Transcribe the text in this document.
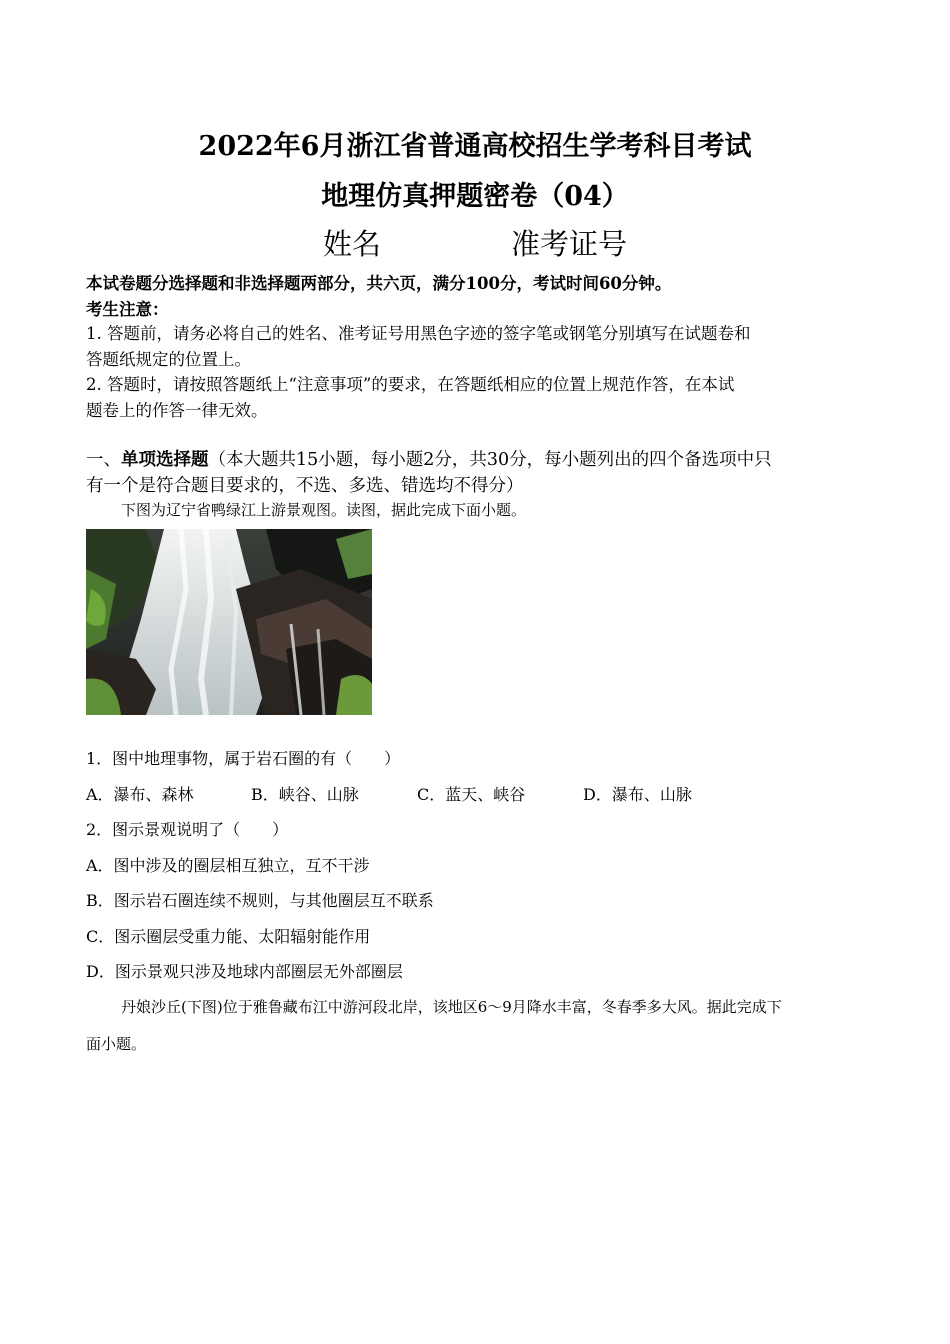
2022年6月浙江省普通高校招生学考科目考试
地理仿真押题密卷（04）
姓名	准考证号
本试卷题分选择题和非选择题两部分，共六页，满分100分，考试时间60分钟。
考生注意：
1. 答题前，请务必将自己的姓名、准考证号用黑色字迹的签字笔或钢笔分别填写在试题卷和
答题纸规定的位置上。
2. 答题时，请按照答题纸上“注意事项”的要求，在答题纸相应的位置上规范作答，在本试
题卷上的作答一律无效。
一、单项选择题（本大题共15小题，每小题2分，共30分，每小题列出的四个备选项中只
有一个是符合题目要求的，不选、多选、错选均不得分）
下图为辽宁省鸭绿江上游景观图。读图，据此完成下面小题。
1．图中地理事物，属于岩石圈的有（　　）
A．瀑布、森林	B．峡谷、山脉	C．蓝天、峡谷	D．瀑布、山脉
2．图示景观说明了（　　）
A．图中涉及的圈层相互独立，互不干涉
B．图示岩石圈连续不规则，与其他圈层互不联系
C．图示圈层受重力能、太阳辐射能作用
D．图示景观只涉及地球内部圈层无外部圈层
丹娘沙丘(下图)位于雅鲁藏布江中游河段北岸，该地区6～9月降水丰富，冬春季多大风。据此完成下
面小题。
